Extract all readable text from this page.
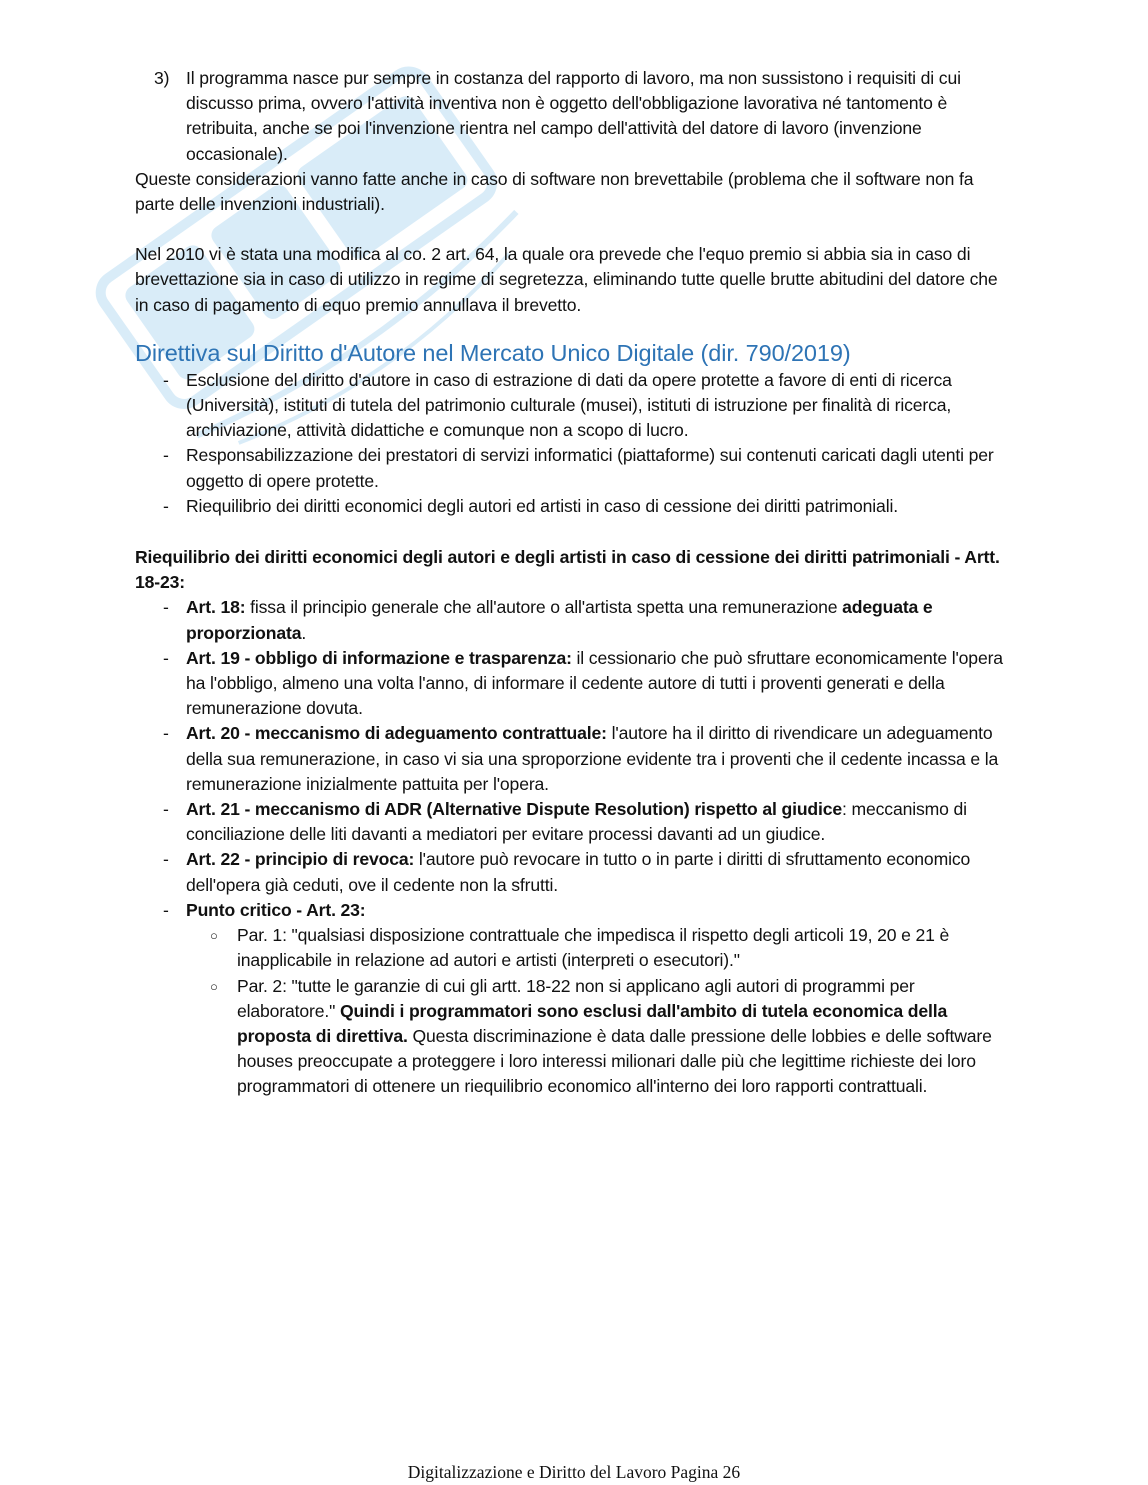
3) Il programma nasce pur sempre in costanza del rapporto di lavoro, ma non sussistono i requisiti di cui discusso prima, ovvero l'attività inventiva non è oggetto dell'obbligazione lavorativa né tantomento è retribuita, anche se poi l'invenzione rientra nel campo dell'attività del datore di lavoro (invenzione occasionale).

Queste considerazioni vanno fatte anche in caso di software non brevettabile (problema che il software non fa parte delle invenzioni industriali).

Nel 2010 vi è stata una modifica al co. 2 art. 64, la quale ora prevede che l'equo premio si abbia sia in caso di brevettazione sia in caso di utilizzo in regime di segretezza, eliminando tutte quelle brutte abitudini del datore che in caso di pagamento di equo premio annullava il brevetto.

Direttiva sul Diritto d'Autore nel Mercato Unico Digitale (dir. 790/2019)
- Esclusione del diritto d'autore in caso di estrazione di dati da opere protette a favore di enti di ricerca (Università), istituti di tutela del patrimonio culturale (musei), istituti di istruzione per finalità di ricerca, archiviazione, attività didattiche e comunque non a scopo di lucro.
- Responsabilizzazione dei prestatori di servizi informatici (piattaforme) sui contenuti caricati dagli utenti per oggetto di opere protette.
- Riequilibrio dei diritti economici degli autori ed artisti in caso di cessione dei diritti patrimoniali.

Riequilibrio dei diritti economici degli autori e degli artisti in caso di cessione dei diritti patrimoniali - Artt. 18-23:

- Art. 18: fissa il principio generale che all'autore o all'artista spetta una remunerazione adeguata e proporzionata.
- Art. 19 - obbligo di informazione e trasparenza: il cessionario che può sfruttare economicamente l'opera ha l'obbligo, almeno una volta l'anno, di informare il cedente autore di tutti i proventi generati e della remunerazione dovuta.
- Art. 20 - meccanismo di adeguamento contrattuale: l'autore ha il diritto di rivendicare un adeguamento della sua remunerazione, in caso vi sia una sproporzione evidente tra i proventi che il cedente incassa e la remunerazione inizialmente pattuita per l'opera.
- Art. 21 - meccanismo di ADR (Alternative Dispute Resolution) rispetto al giudice: meccanismo di conciliazione delle liti davanti a mediatori per evitare processi davanti ad un giudice.
- Art. 22 - principio di revoca: l'autore può revocare in tutto o in parte i diritti di sfruttamento economico dell'opera già ceduti, ove il cedente non la sfrutti.
- Punto critico - Art. 23:
○ Par. 1: "qualsiasi disposizione contrattuale che impedisca il rispetto degli articoli 19, 20 e 21 è inapplicabile in relazione ad autori e artisti (interpreti o esecutori)."
○ Par. 2: "tutte le garanzie di cui gli artt. 18-22 non si applicano agli autori di programmi per elaboratore." Quindi i programmatori sono esclusi dall'ambito di tutela economica della proposta di direttiva. Questa discriminazione è data dalle pressione delle lobbies e delle software houses preoccupate a proteggere i loro interessi milionari dalle più che legittime richieste dei loro programmatori di ottenere un riequilibrio economico all'interno dei loro rapporti contrattuali.
Digitalizzazione e Diritto del Lavoro Pagina 26
